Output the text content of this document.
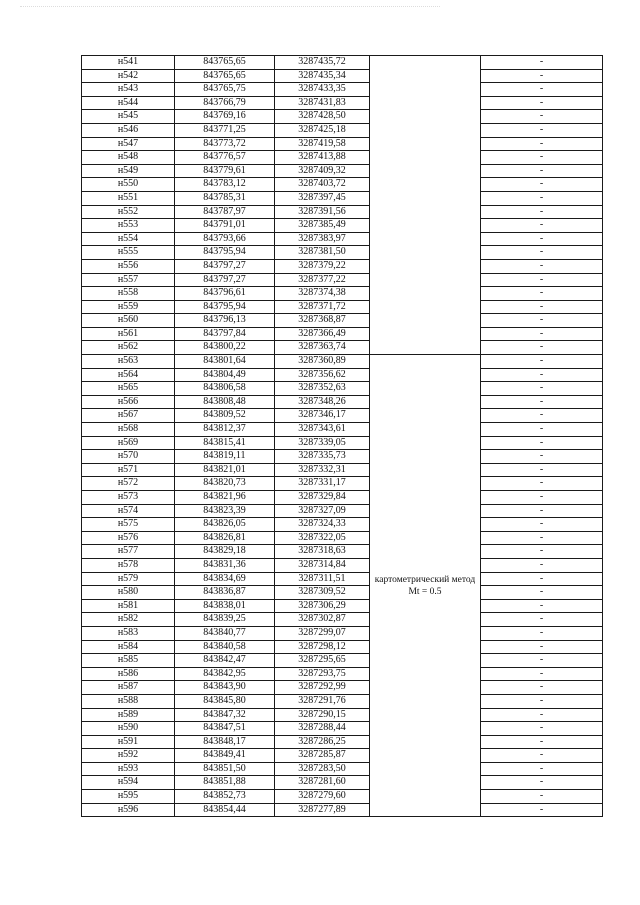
н541	843765,65	3287435,72		-
н542	843765,65	3287435,34		-
н543	843765,75	3287433,35		-
н544	843766,79	3287431,83		-
н545	843769,16	3287428,50		-
н546	843771,25	3287425,18		-
н547	843773,72	3287419,58		-
н548	843776,57	3287413,88		-
н549	843779,61	3287409,32		-
н550	843783,12	3287403,72		-
н551	843785,31	3287397,45		-
н552	843787,97	3287391,56		-
н553	843791,01	3287385,49		-
н554	843793,66	3287383,97		-
н555	843795,94	3287381,50		-
н556	843797,27	3287379,22		-
н557	843797,27	3287377,22		-
н558	843796,61	3287374,38		-
н559	843795,94	3287371,72		-
н560	843796,13	3287368,87		-
н561	843797,84	3287366,49		-
н562	843800,22	3287363,74		-
н563	843801,64	3287360,89	картометрический метод Mt = 0.5	-
н564	843804,49	3287356,62		-
н565	843806,58	3287352,63		-
н566	843808,48	3287348,26		-
н567	843809,52	3287346,17		-
н568	843812,37	3287343,61		-
н569	843815,41	3287339,05		-
н570	843819,11	3287335,73		-
н571	843821,01	3287332,31		-
н572	843820,73	3287331,17		-
н573	843821,96	3287329,84		-
н574	843823,39	3287327,09		-
н575	843826,05	3287324,33		-
н576	843826,81	3287322,05		-
н577	843829,18	3287318,63		-
н578	843831,36	3287314,84		-
н579	843834,69	3287311,51		-
н580	843836,87	3287309,52		-
н581	843838,01	3287306,29		-
н582	843839,25	3287302,87		-
н583	843840,77	3287299,07		-
н584	843840,58	3287298,12		-
н585	843842,47	3287295,65		-
н586	843842,95	3287293,75		-
н587	843843,90	3287292,99		-
н588	843845,80	3287291,76		-
н589	843847,32	3287290,15		-
н590	843847,51	3287288,44		-
н591	843848,17	3287286,25		-
н592	843849,41	3287285,87		-
н593	843851,50	3287283,50		-
н594	843851,88	3287281,60		-
н595	843852,73	3287279,60		-
н596	843854,44	3287277,89		-
